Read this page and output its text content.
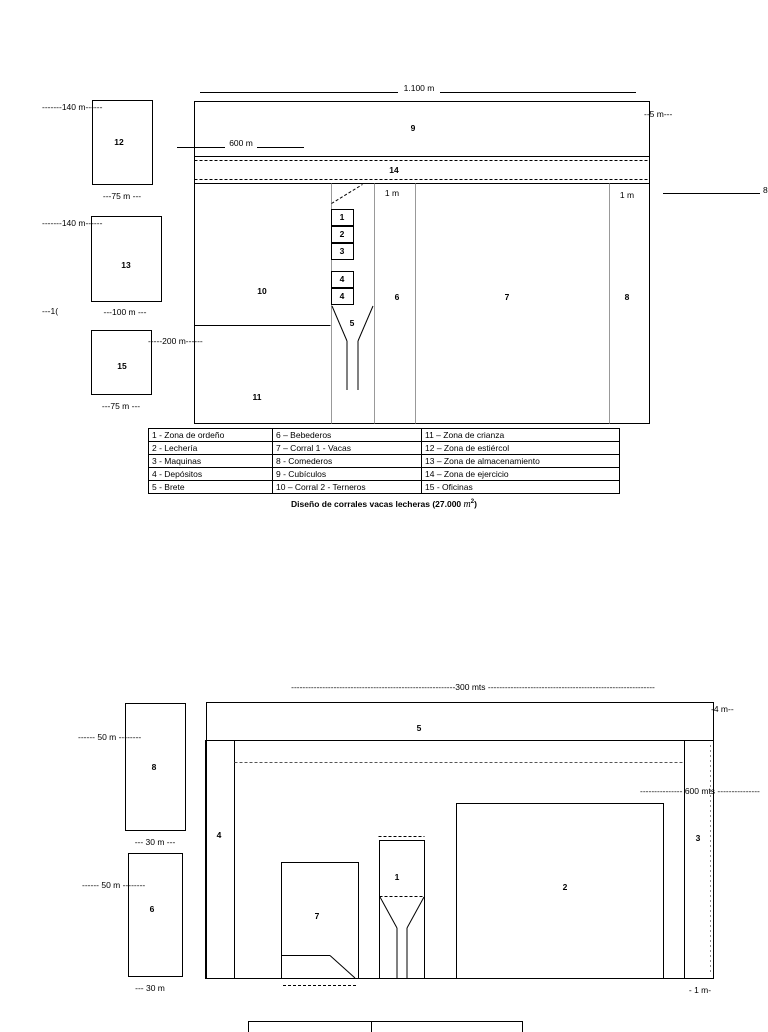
1.100 m
--5 m---
600 m
8
-------140 m------
---75 m ---
-------140 m------
---100 m ---
---1(
-----200 m------
---75 m ---
1 m	1 m
9
14
1
2
3
4
4
5
6	7	8
10
11
12
13
15
----------------------------------------------------------300 mts -----------------------------------------------------------
-4 m--
--------------- 600 mts ---------------
------ 50 m --------
--- 30 m ---
------ 50 m --------
--- 30 m	- 1 m-
5
4	3
2
1
7
8
6
1 - Zona de ordeño	6 – Bebederos	11 – Zona de crianza
2 - Lechería	7 – Corral 1 - Vacas	12 – Zona de estiércol
3 - Maquinas	8 - Comederos	13 – Zona de almacenamiento
4 - Depósitos	9 - Cubículos	14 – Zona de ejercicio
5 - Brete	10 – Corral 2 - Terneros	15 - Oficinas
Diseño de corrales vacas lecheras (27.000 $m^2$)
